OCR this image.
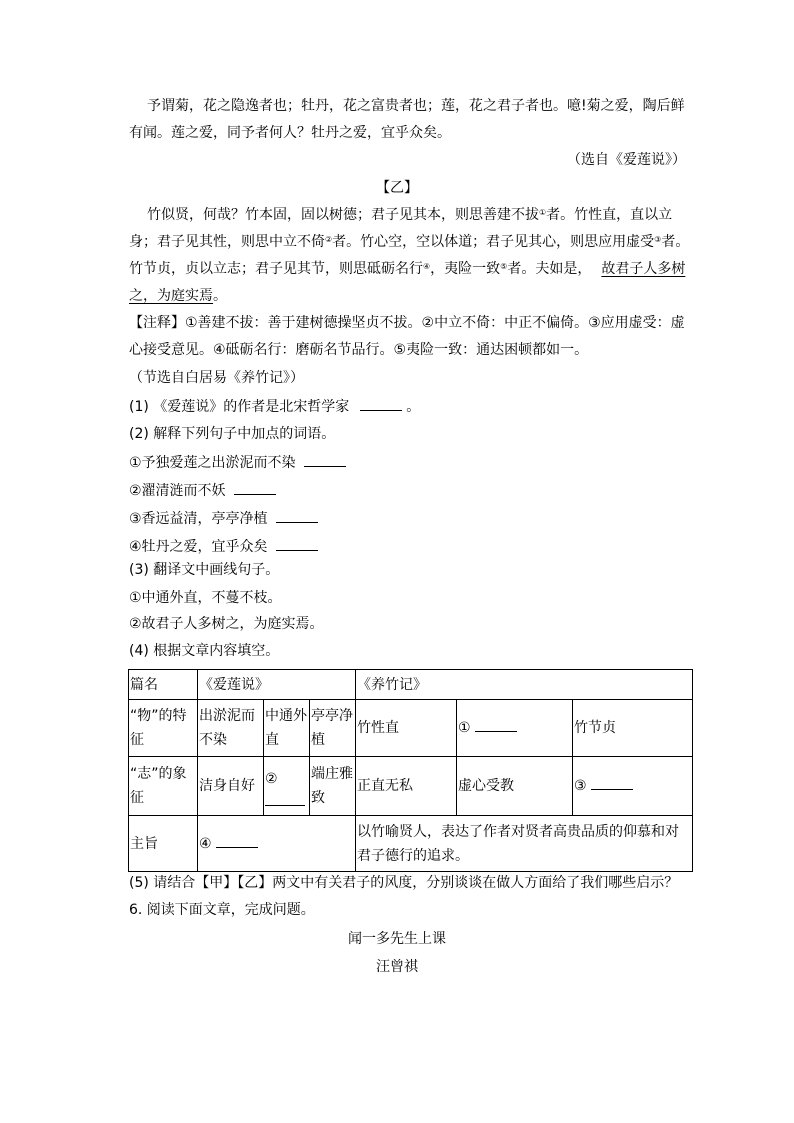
予谓菊，花之隐逸者也；牡丹，花之富贵者也；莲，花之君子者也。噫!菊之爱，陶后鲜
有闻。莲之爱，同予者何人？牡丹之爱，宜乎众矣。
（选自《爱莲说》）
【乙】
竹似贤，何哉？竹本固，固以树德；君子见其本，则思善建不拔①者。竹性直，直以立
身；君子见其性，则思中立不倚②者。竹心空，空以体道；君子见其心，则思应用虚受③者。
竹节贞，贞以立志；君子见其节，则思砥砺名行④，夷险一致⑤者。夫如是， 故君子人多树
之，为庭实焉。
【注释】①善建不拔：善于建树德操坚贞不拔。②中立不倚：中正不偏倚。③应用虚受：虚
心接受意见。④砥砺名行：磨砺名节品行。⑤夷险一致：通达困顿都如一。
（节选自白居易《养竹记》）
(1) 《爱莲说》的作者是北宋哲学家	。
(2) 解释下列句子中加点的词语。
①予独爱莲之出淤泥而不染
②濯清涟而不妖
③香远益清，亭亭净植
④牡丹之爱，宜乎众矣
(3) 翻译文中画线句子。
①中通外直，不蔓不枝。
②故君子人多树之，为庭实焉。
(4) 根据文章内容填空。
篇名	《爱莲说》			《养竹记》		
“物”的特征	出淤泥而不染	中通外直	亭亭净植	竹性直	①	竹节贞
“志”的象征	洁身自好	②	端庄雅致	正直无私	虚心受教	③
主旨	④			以竹喻贤人，表达了作者对贤者高贵品质的仰慕和对君子德行的追求。		
(5) 请结合【甲】【乙】两文中有关君子的风度，分别谈谈在做人方面给了我们哪些启示？
6. 阅读下面文章，完成问题。
闻一多先生上课
汪曾祺
